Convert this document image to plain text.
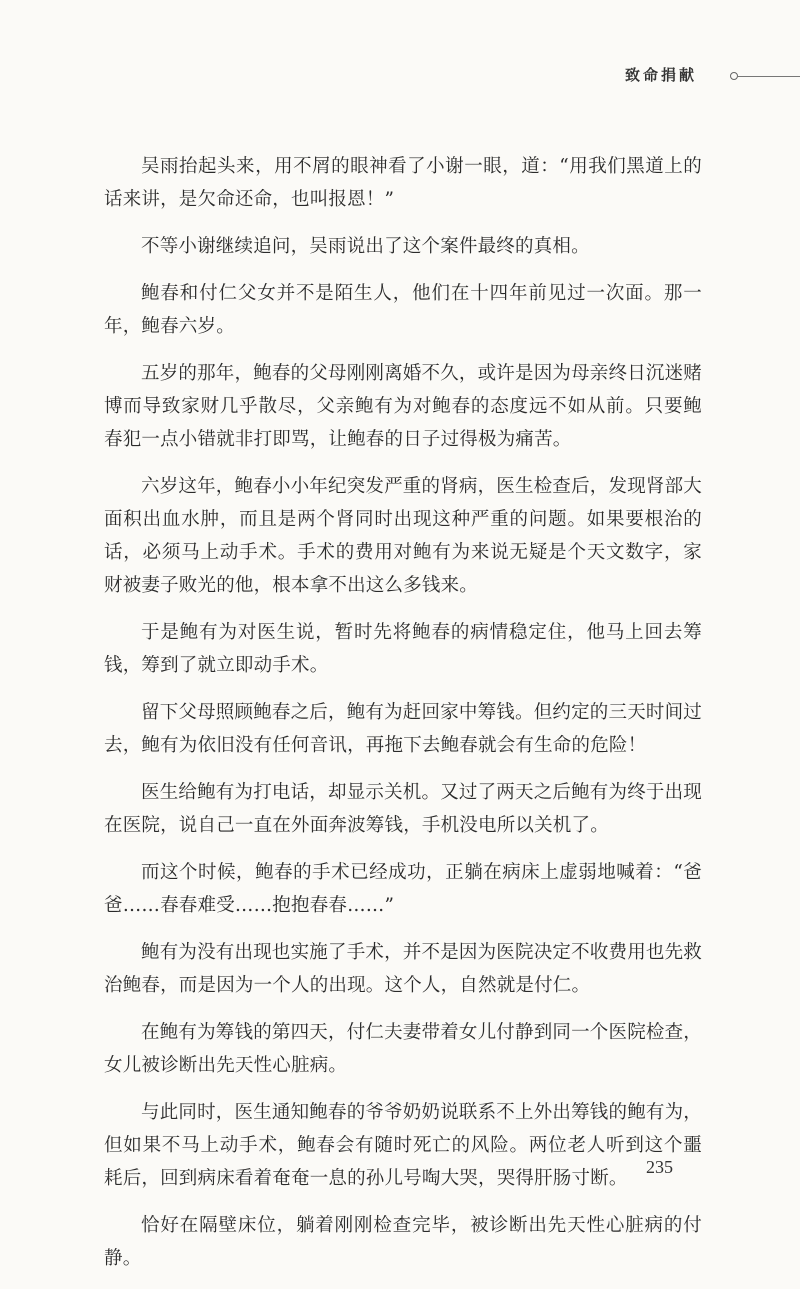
致命捐献

吴雨抬起头来，用不屑的眼神看了小谢一眼，道：“用我们黑道上的话来讲，是欠命还命，也叫报恩！”

不等小谢继续追问，吴雨说出了这个案件最终的真相。

鲍春和付仁父女并不是陌生人，他们在十四年前见过一次面。那一年，鲍春六岁。

五岁的那年，鲍春的父母刚刚离婚不久，或许是因为母亲终日沉迷赌博而导致家财几乎散尽，父亲鲍有为对鲍春的态度远不如从前。只要鲍春犯一点小错就非打即骂，让鲍春的日子过得极为痛苦。

六岁这年，鲍春小小年纪突发严重的肾病，医生检查后，发现肾部大面积出血水肿，而且是两个肾同时出现这种严重的问题。如果要根治的话，必须马上动手术。手术的费用对鲍有为来说无疑是个天文数字，家财被妻子败光的他，根本拿不出这么多钱来。

于是鲍有为对医生说，暂时先将鲍春的病情稳定住，他马上回去筹钱，筹到了就立即动手术。

留下父母照顾鲍春之后，鲍有为赶回家中筹钱。但约定的三天时间过去，鲍有为依旧没有任何音讯，再拖下去鲍春就会有生命的危险！

医生给鲍有为打电话，却显示关机。又过了两天之后鲍有为终于出现在医院，说自己一直在外面奔波筹钱，手机没电所以关机了。

而这个时候，鲍春的手术已经成功，正躺在病床上虚弱地喊着：“爸爸……春春难受……抱抱春春……”

鲍有为没有出现也实施了手术，并不是因为医院决定不收费用也先救治鲍春，而是因为一个人的出现。这个人，自然就是付仁。

在鲍有为筹钱的第四天，付仁夫妻带着女儿付静到同一个医院检查，女儿被诊断出先天性心脏病。

与此同时，医生通知鲍春的爷爷奶奶说联系不上外出筹钱的鲍有为，但如果不马上动手术，鲍春会有随时死亡的风险。两位老人听到这个噩耗后，回到病床看着奄奄一息的孙儿号啕大哭，哭得肝肠寸断。

恰好在隔壁床位，躺着刚刚检查完毕，被诊断出先天性心脏病的付静。

235
